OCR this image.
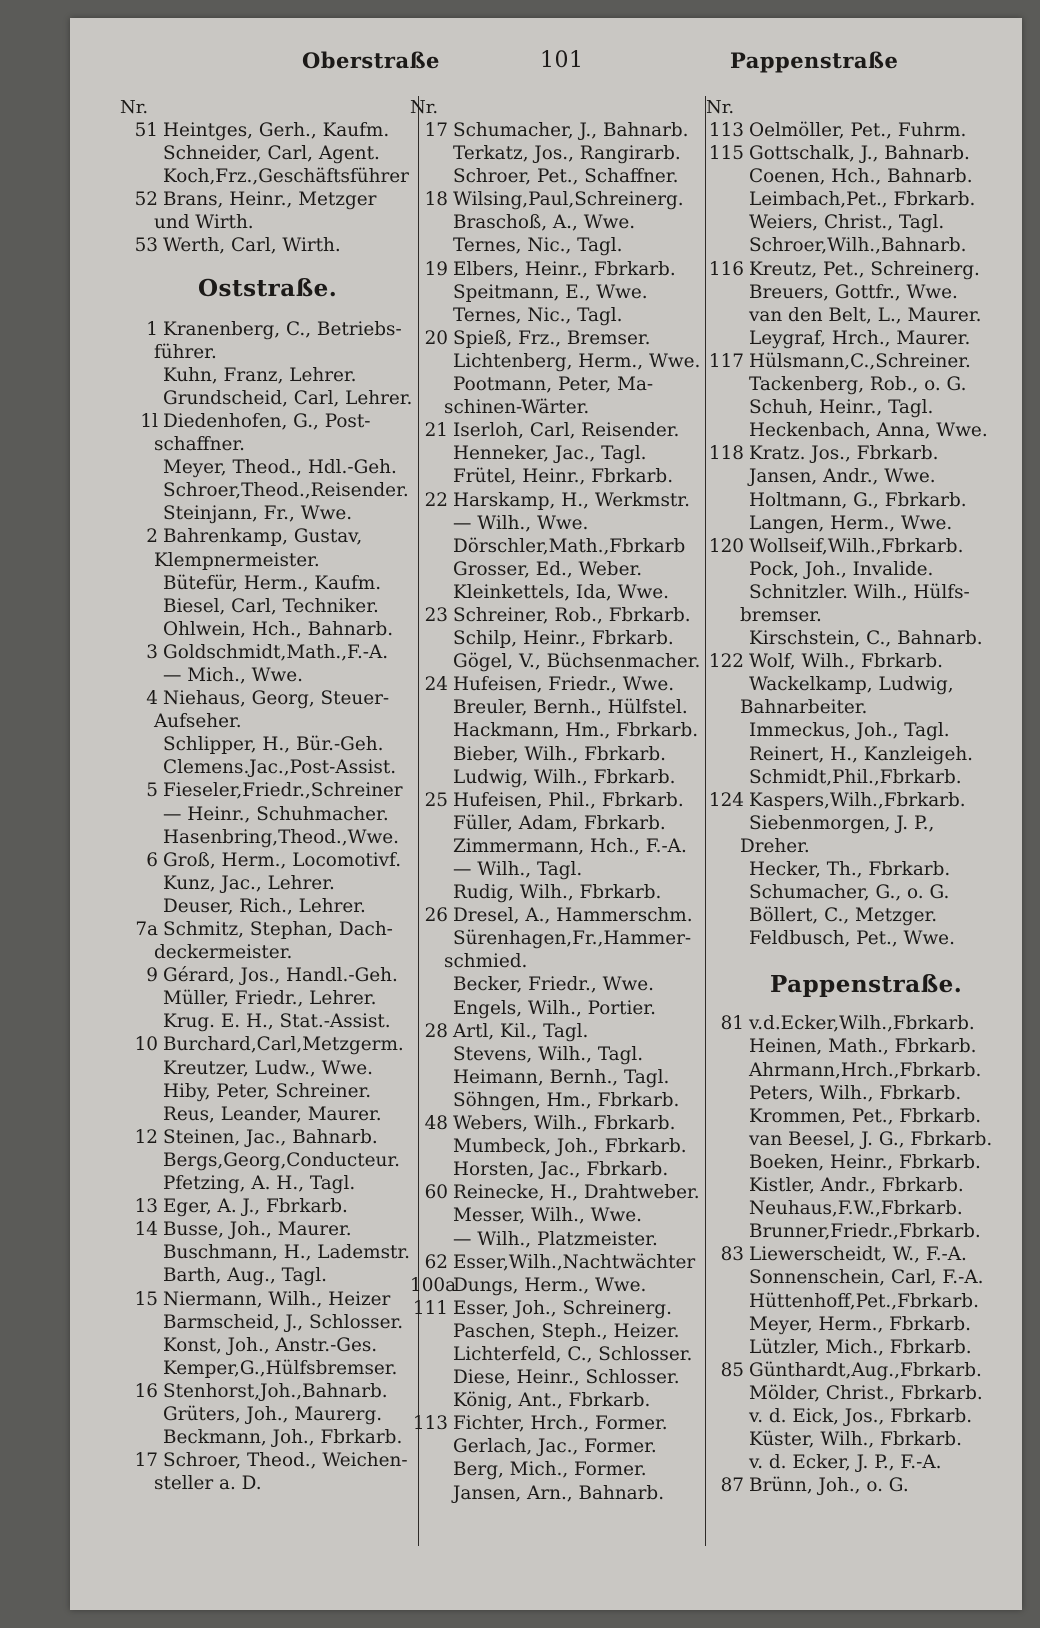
Oberstraße	101	Pappenstraße
Nr.
51 Heintges, Gerh., Kaufm.
Schneider, Carl, Agent.
Koch,Frz.,Geschäftsführer
52 Brans, Heinr., Metzger
und Wirth.
53 Werth, Carl, Wirth.
Oststraße.
1 Kranenberg, C., Betriebs-
führer.
Kuhn, Franz, Lehrer.
Grundscheid, Carl, Lehrer.
1l Diedenhofen, G., Post-
schaffner.
Meyer, Theod., Hdl.-Geh.
Schroer,Theod.,Reisender.
Steinjann, Fr., Wwe.
2 Bahrenkamp, Gustav,
Klempnermeister.
Bütefür, Herm., Kaufm.
Biesel, Carl, Techniker.
Ohlwein, Hch., Bahnarb.
3 Goldschmidt,Math.,F.-A.
— Mich., Wwe.
4 Niehaus, Georg, Steuer-
Aufseher.
Schlipper, H., Bür.-Geh.
Clemens.Jac.,Post-Assist.
5 Fieseler,Friedr.,Schreiner
— Heinr., Schuhmacher.
Hasenbring,Theod.,Wwe.
6 Groß, Herm., Locomotivf.
Kunz, Jac., Lehrer.
Deuser, Rich., Lehrer.
7a Schmitz, Stephan, Dach-
deckermeister.
9 Gérard, Jos., Handl.-Geh.
Müller, Friedr., Lehrer.
Krug. E. H., Stat.-Assist.
10 Burchard,Carl,Metzgerm.
Kreutzer, Ludw., Wwe.
Hiby, Peter, Schreiner.
Reus, Leander, Maurer.
12 Steinen, Jac., Bahnarb.
Bergs,Georg,Conducteur.
Pfetzing, A. H., Tagl.
13 Eger, A. J., Fbrkarb.
14 Busse, Joh., Maurer.
Buschmann, H., Lademstr.
Barth, Aug., Tagl.
15 Niermann, Wilh., Heizer
Barmscheid, J., Schlosser.
Konst, Joh., Anstr.-Ges.
Kemper,G.,Hülfsbremser.
16 Stenhorst,Joh.,Bahnarb.
Grüters, Joh., Maurerg.
Beckmann, Joh., Fbrkarb.
17 Schroer, Theod., Weichen-
steller a. D.
Nr.
17 Schumacher, J., Bahnarb.
Terkatz, Jos., Rangirarb.
Schroer, Pet., Schaffner.
18 Wilsing,Paul,Schreinerg.
Braschoß, A., Wwe.
Ternes, Nic., Tagl.
19 Elbers, Heinr., Fbrkarb.
Speitmann, E., Wwe.
Ternes, Nic., Tagl.
20 Spieß, Frz., Bremser.
Lichtenberg, Herm., Wwe.
Pootmann, Peter, Ma-
schinen-Wärter.
21 Iserloh, Carl, Reisender.
Henneker, Jac., Tagl.
Frütel, Heinr., Fbrkarb.
22 Harskamp, H., Werkmstr.
— Wilh., Wwe.
Dörschler,Math.,Fbrkarb
Grosser, Ed., Weber.
Kleinkettels, Ida, Wwe.
23 Schreiner, Rob., Fbrkarb.
Schilp, Heinr., Fbrkarb.
Gögel, V., Büchsenmacher.
24 Hufeisen, Friedr., Wwe.
Breuler, Bernh., Hülfstel.
Hackmann, Hm., Fbrkarb.
Bieber, Wilh., Fbrkarb.
Ludwig, Wilh., Fbrkarb.
25 Hufeisen, Phil., Fbrkarb.
Füller, Adam, Fbrkarb.
Zimmermann, Hch., F.-A.
— Wilh., Tagl.
Rudig, Wilh., Fbrkarb.
26 Dresel, A., Hammerschm.
Sürenhagen,Fr.,Hammer-
schmied.
Becker, Friedr., Wwe.
Engels, Wilh., Portier.
28 Artl, Kil., Tagl.
Stevens, Wilh., Tagl.
Heimann, Bernh., Tagl.
Söhngen, Hm., Fbrkarb.
48 Webers, Wilh., Fbrkarb.
Mumbeck, Joh., Fbrkarb.
Horsten, Jac., Fbrkarb.
60 Reinecke, H., Drahtweber.
Messer, Wilh., Wwe.
— Wilh., Platzmeister.
62 Esser,Wilh.,Nachtwächter
100a
Dungs, Herm., Wwe.
111 Esser, Joh., Schreinerg.
Paschen, Steph., Heizer.
Lichterfeld, C., Schlosser.
Diese, Heinr., Schlosser.
König, Ant., Fbrkarb.
113 Fichter, Hrch., Former.
Gerlach, Jac., Former.
Berg, Mich., Former.
Jansen, Arn., Bahnarb.
Nr.
113 Oelmöller, Pet., Fuhrm.
115 Gottschalk, J., Bahnarb.
Coenen, Hch., Bahnarb.
Leimbach,Pet., Fbrkarb.
Weiers, Christ., Tagl.
Schroer,Wilh.,Bahnarb.
116 Kreutz, Pet., Schreinerg.
Breuers, Gottfr., Wwe.
van den Belt, L., Maurer.
Leygraf, Hrch., Maurer.
117 Hülsmann,C.,Schreiner.
Tackenberg, Rob., o. G.
Schuh, Heinr., Tagl.
Heckenbach, Anna, Wwe.
118 Kratz. Jos., Fbrkarb.
Jansen, Andr., Wwe.
Holtmann, G., Fbrkarb.
Langen, Herm., Wwe.
120 Wollseif,Wilh.,Fbrkarb.
Pock, Joh., Invalide.
Schnitzler. Wilh., Hülfs-
bremser.
Kirschstein, C., Bahnarb.
122 Wolf, Wilh., Fbrkarb.
Wackelkamp, Ludwig,
Bahnarbeiter.
Immeckus, Joh., Tagl.
Reinert, H., Kanzleigeh.
Schmidt,Phil.,Fbrkarb.
124 Kaspers,Wilh.,Fbrkarb.
Siebenmorgen, J. P.,
Dreher.
Hecker, Th., Fbrkarb.
Schumacher, G., o. G.
Böllert, C., Metzger.
Feldbusch, Pet., Wwe.
Pappenstraße.
81 v.d.Ecker,Wilh.,Fbrkarb.
Heinen, Math., Fbrkarb.
Ahrmann,Hrch.,Fbrkarb.
Peters, Wilh., Fbrkarb.
Krommen, Pet., Fbrkarb.
van Beesel, J. G., Fbrkarb.
Boeken, Heinr., Fbrkarb.
Kistler, Andr., Fbrkarb.
Neuhaus,F.W.,Fbrkarb.
Brunner,Friedr.,Fbrkarb.
83 Liewerscheidt, W., F.-A.
Sonnenschein, Carl, F.-A.
Hüttenhoff,Pet.,Fbrkarb.
Meyer, Herm., Fbrkarb.
Lützler, Mich., Fbrkarb.
85 Günthardt,Aug.,Fbrkarb.
Mölder, Christ., Fbrkarb.
v. d. Eick, Jos., Fbrkarb.
Küster, Wilh., Fbrkarb.
v. d. Ecker, J. P., F.-A.
87 Brünn, Joh., o. G.
